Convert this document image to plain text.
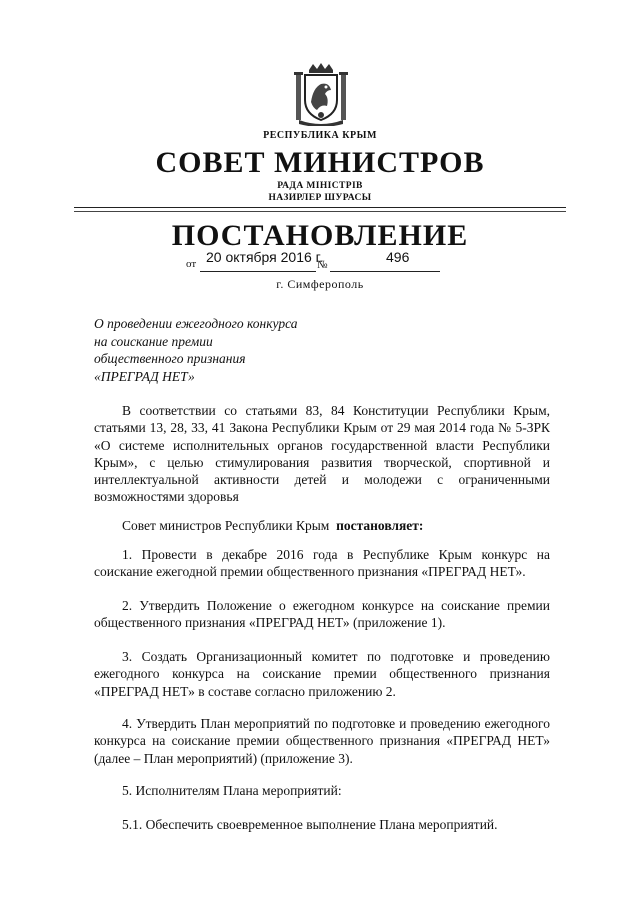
РЕСПУБЛИКА КРЫМ
СОВЕТ МИНИСТРОВ
РАДА МІНІСТРІВ
НАЗИРЛЕР ШУРАСЫ
ПОСТАНОВЛЕНИЕ
от 20 октября 2016 г.
№	496
г. Симферополь
О проведении ежегодного конкурса
на соискание премии
общественного признания
«ПРЕГРАД НЕТ»
В соответствии со статьями 83, 84 Конституции Республики Крым, статьями 13, 28, 33, 41 Закона Республики Крым от 29 мая 2014 года № 5-ЗРК «О системе исполнительных органов государственной власти Республики Крым», с целью стимулирования развития творческой, спортивной и интеллектуальной активности детей и молодежи с ограниченными возможностями здоровья
Совет министров Республики Крым постановляет:
1. Провести в декабре 2016 года в Республике Крым конкурс на соискание ежегодной премии общественного признания «ПРЕГРАД НЕТ».
2. Утвердить Положение о ежегодном конкурсе на соискание премии общественного признания «ПРЕГРАД НЕТ» (приложение 1).
3. Создать Организационный комитет по подготовке и проведению ежегодного конкурса на соискание премии общественного признания «ПРЕГРАД НЕТ» в составе согласно приложению 2.
4. Утвердить План мероприятий по подготовке и проведению ежегодного конкурса на соискание премии общественного признания «ПРЕГРАД НЕТ» (далее – План мероприятий) (приложение 3).
5. Исполнителям Плана мероприятий:
5.1. Обеспечить своевременное выполнение Плана мероприятий.
